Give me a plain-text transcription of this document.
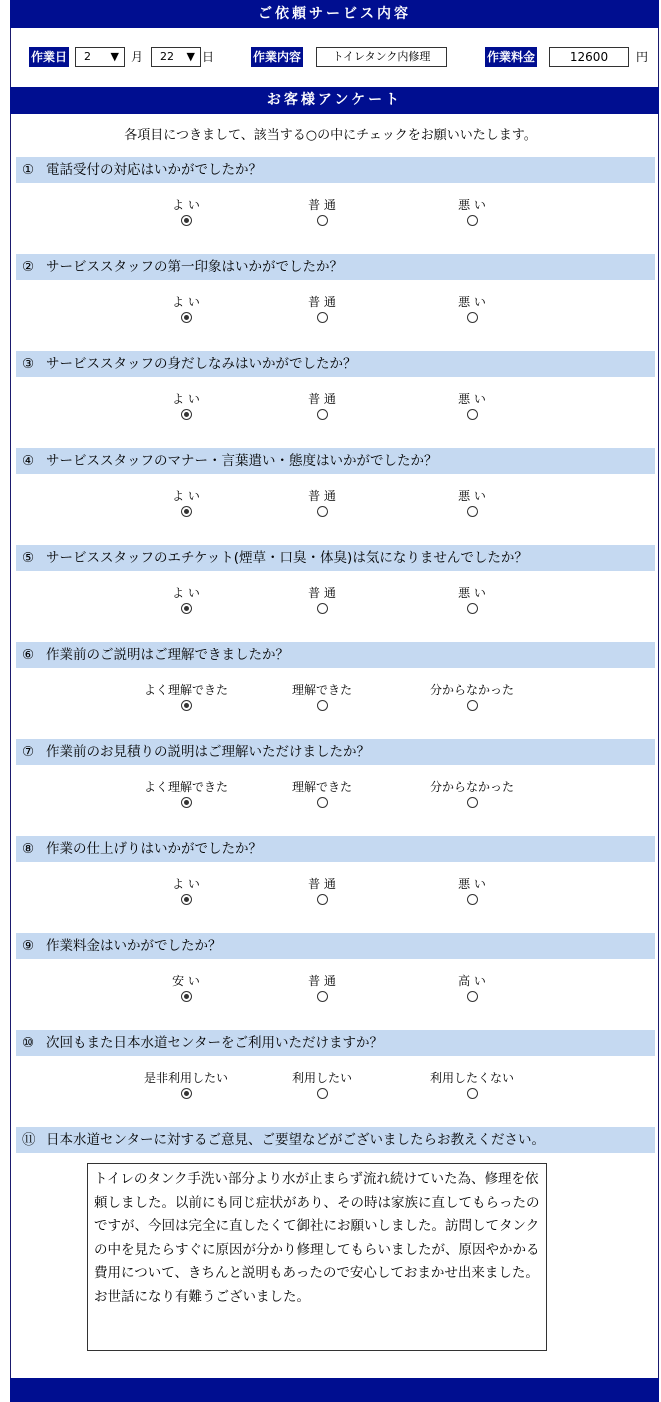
ご依頼サービス内容
作業日	2 ▼ 月	22 ▼ 日	作業内容	トイレタンク内修理	作業料金	12600	円
お客様アンケート
各項目につきまして、該当する○の中にチェックをお願いいたします。
① 電話受付の対応はいかがでしたか？
よ い	普 通	悪 い
② サービススタッフの第一印象はいかがでしたか？
よ い	普 通	悪 い
③ サービススタッフの身だしなみはいかがでしたか？
よ い	普 通	悪 い
④ サービススタッフのマナー・言葉遣い・態度はいかがでしたか？
よ い	普 通	悪 い
⑤ サービススタッフのエチケット(煙草・口臭・体臭)は気になりませんでしたか？
よ い	普 通	悪 い
⑥ 作業前のご説明はご理解できましたか？
よく理解できた	理解できた	分からなかった
⑦ 作業前のお見積りの説明はご理解いただけましたか？
よく理解できた	理解できた	分からなかった
⑧ 作業の仕上げりはいかがでしたか？
よ い	普 通	悪 い
⑨ 作業料金はいかがでしたか？
安 い	普 通	高 い
⑩ 次回もまた日本水道センターをご利用いただけますか？
是非利用したい	利用したい	利用したくない
⑪ 日本水道センターに対するご意見、ご要望などがございましたらお教えください。
トイレのタンク手洗い部分より水が止まらず流れ続けていた為、修理を依頼しました。以前にも同じ症状があり、その時は家族に直してもらったのですが、今回は完全に直したくて御社にお願いしました。訪問してタンクの中を見たらすぐに原因が分かり修理してもらいましたが、原因やかかる費用について、きちんと説明もあったので安心しておまかせ出来ました。お世話になり有難うございました。
